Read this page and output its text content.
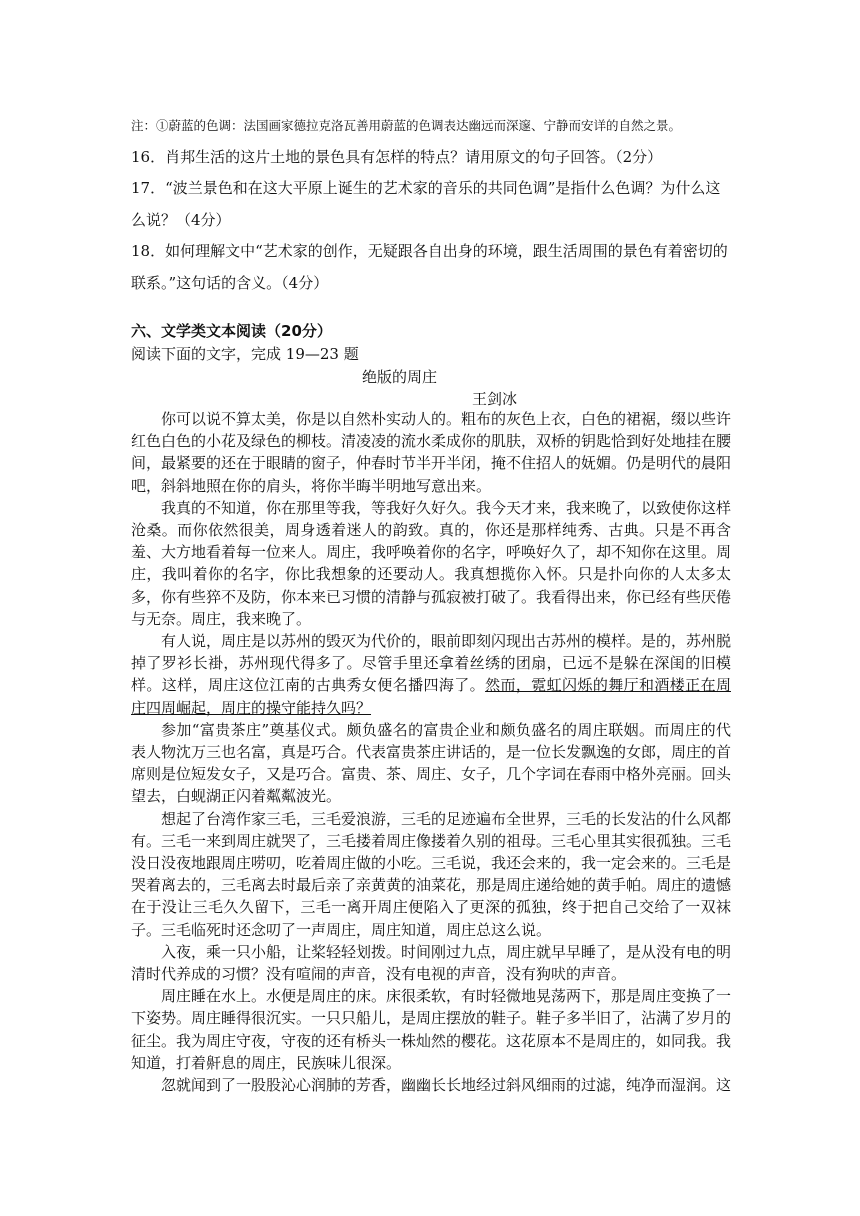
注：①蔚蓝的色调：法国画家德拉克洛瓦善用蔚蓝的色调表达幽远而深邃、宁静而安详的自然之景。
16．肖邦生活的这片土地的景色具有怎样的特点？请用原文的句子回答。（2分）
17．“波兰景色和在这大平原上诞生的艺术家的音乐的共同色调”是指什么色调？为什么这
么说？（4分）
18．如何理解文中“艺术家的创作，无疑跟各自出身的环境，跟生活周围的景色有着密切的
联系。”这句话的含义。（4分）
六、文学类文本阅读（20分）
阅读下面的文字，完成 19—23 题
绝版的周庄
王剑冰

你可以说不算太美，你是以自然朴实动人的。粗布的灰色上衣，白色的裙裾，缀以些许红色白色的小花及绿色的柳枝。清凌凌的流水柔成你的肌肤，双桥的钥匙恰到好处地挂在腰间，最紧要的还在于眼睛的窗子，仲春时节半开半闭，掩不住招人的妩媚。仍是明代的晨阳吧，斜斜地照在你的肩头，将你半晦半明地写意出来。

我真的不知道，你在那里等我，等我好久好久。我今天才来，我来晚了，以致使你这样沧桑。而你依然很美，周身透着迷人的韵致。真的，你还是那样纯秀、古典。只是不再含羞、大方地看着每一位来人。周庄，我呼唤着你的名字，呼唤好久了，却不知你在这里。周庄，我叫着你的名字，你比我想象的还要动人。我真想揽你入怀。只是扑向你的人太多太多，你有些猝不及防，你本来已习惯的清静与孤寂被打破了。我看得出来，你已经有些厌倦与无奈。周庄，我来晚了。

有人说，周庄是以苏州的毁灭为代价的，眼前即刻闪现出古苏州的模样。是的，苏州脱掉了罗衫长褂，苏州现代得多了。尽管手里还拿着丝绣的团扇，已远不是躲在深闺的旧模样。这样，周庄这位江南的古典秀女便名播四海了。然而，霓虹闪烁的舞厅和酒楼正在周庄四周崛起，周庄的操守能持久吗？

参加“富贵茶庄”奠基仪式。颇负盛名的富贵企业和颇负盛名的周庄联姻。而周庄的代表人物沈万三也名富，真是巧合。代表富贵茶庄讲话的，是一位长发飘逸的女郎，周庄的首席则是位短发女子，又是巧合。富贵、茶、周庄、女子，几个字词在春雨中格外亮丽。回头望去，白蚬湖正闪着粼粼波光。

想起了台湾作家三毛，三毛爱浪游，三毛的足迹遍布全世界，三毛的长发沾的什么风都有。三毛一来到周庄就哭了，三毛搂着周庄像搂着久别的祖母。三毛心里其实很孤独。三毛没日没夜地跟周庄唠叨，吃着周庄做的小吃。三毛说，我还会来的，我一定会来的。三毛是哭着离去的，三毛离去时最后亲了亲黄黄的油菜花，那是周庄递给她的黄手帕。周庄的遗憾在于没让三毛久久留下，三毛一离开周庄便陷入了更深的孤独，终于把自己交给了一双袜子。三毛临死时还念叨了一声周庄，周庄知道，周庄总这么说。

入夜，乘一只小船，让桨轻轻划拨。时间刚过九点，周庄就早早睡了，是从没有电的明清时代养成的习惯？没有喧闹的声音，没有电视的声音，没有狗吠的声音。

周庄睡在水上。水便是周庄的床。床很柔软，有时轻微地晃荡两下，那是周庄变换了一下姿势。周庄睡得很沉实。一只只船儿，是周庄摆放的鞋子。鞋子多半旧了，沾满了岁月的征尘。我为周庄守夜，守夜的还有桥头一株灿然的樱花。这花原本不是周庄的，如同我。我知道，打着鼾息的周庄，民族味儿很深。

忽就闻到了一股股沁心润肺的芳香，幽幽长长地经过斜风细雨的过滤，纯净而湿润。这
